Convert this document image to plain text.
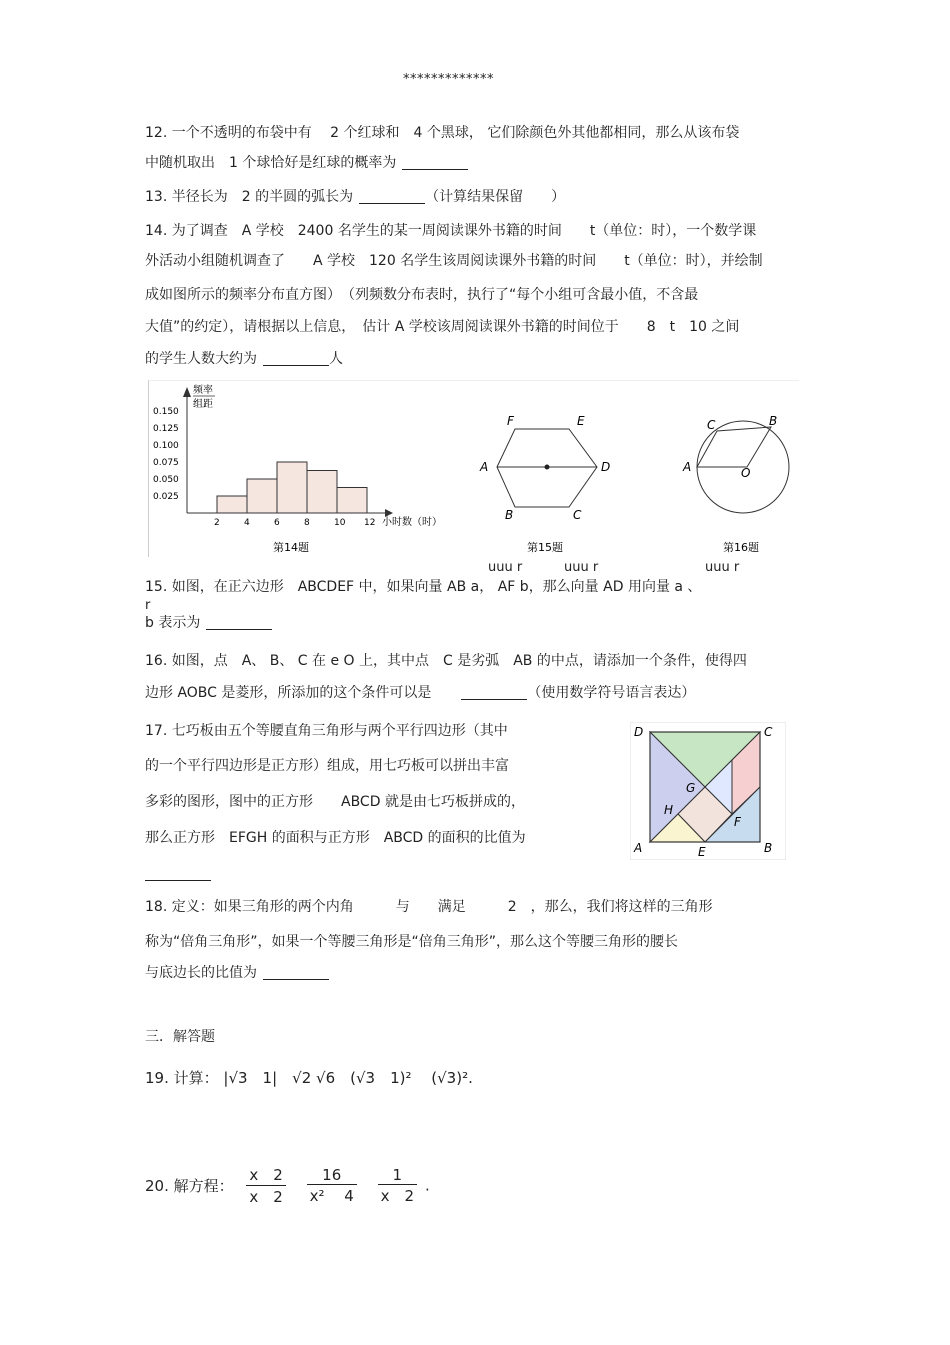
*************
12. 一个不透明的布袋中有 　2 个红球和　4 个黑球， 它们除颜色外其他都相同，那么从该布袋
中随机取出　1 个球恰好是红球的概率为
13. 半径长为　2 的半圆的弧长为	（计算结果保留　　）
14. 为了调查　A 学校　2400 名学生的某一周阅读课外书籍的时间　　t（单位：时），一个数学课
外活动小组随机调查了　　A 学校　120 名学生该周阅读课外书籍的时间　　t（单位：时），并绘制
成如图所示的频率分布直方图）　（列频数分布表时，执行了“每个小组可含最小值，不含最
大值”的约定），请根据以上信息，　估计 A 学校该周阅读课外书籍的时间位于　　8　t　10 之间
的学生人数大约为	人
频率
组距
小时数（时）
0.150
0.125
0.100
0.075
0.050
0.025
2	4	6	8	10 12
第14题
F	E
A	D
B	C
第15题
C	B
A	O
第16题
uuu r	uuu r	uuu r
15. 如图，在正六边形　ABCDEF 中，如果向量 AB a， AF b，那么向量 AD 用向量 a 、
r
b 表示为
16. 如图，点　A、 B、 C 在 e O 上，其中点　C 是劣弧　AB 的中点，请添加一个条件，使得四
边形 AOBC 是菱形，所添加的这个条件可以是	（使用数学符号语言表达）
17. 七巧板由五个等腰直角三角形与两个平行四边形（其中
的一个平行四边形是正方形）组成，用七巧板可以拼出丰富
多彩的图形，图中的正方形　　ABCD 就是由七巧板拼成的，
那么正方形　EFGH 的面积与正方形　ABCD 的面积的比值为
D	C
G
H
F
A	E	B
18. 定义：如果三角形的两个内角　　　与　　满足　　　2　，那么，我们将这样的三角形
称为“倍角三角形”，如果一个等腰三角形是“倍角三角形”，那么这个等腰三角形的腰长
与底边长的比值为
三．解答题
19. 计算： |√3　1|　√2 √6　(√3　1)² 　(√3)².
20. 解方程： $\frac{x 2}{x 2}$
$\frac{16}{\text{x² 　4}}$
$\frac{1}{x 2}$ .
